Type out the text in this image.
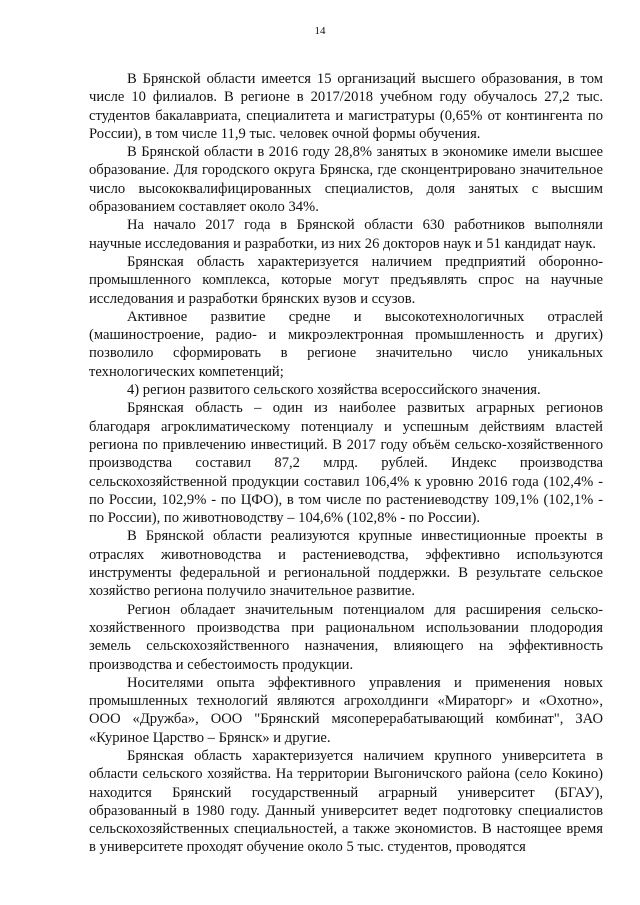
14

В Брянской области имеется 15 организаций высшего образования, в том числе 10 филиалов. В регионе в 2017/2018 учебном году обучалось 27,2 тыс. студентов бакалавриата, специалитета и магистратуры (0,65% от контингента по России), в том числе 11,9 тыс. человек очной формы обучения.

В Брянской области в 2016 году 28,8% занятых в экономике имели высшее образование. Для городского округа Брянска, где сконцентрировано значительное число высококвалифицированных специалистов, доля занятых с высшим образованием составляет около 34%.

На начало 2017 года в Брянской области 630 работников выполняли научные исследования и разработки, из них 26 докторов наук и 51 кандидат наук.

Брянская область характеризуется наличием предприятий оборонно-промышленного комплекса, которые могут предъявлять спрос на научные исследования и разработки брянских вузов и ссузов.

Активное развитие средне и высокотехнологичных отраслей (машиностроение, радио- и микроэлектронная промышленность и других) позволило сформировать в регионе значительно число уникальных технологических компетенций;

4) регион развитого сельского хозяйства всероссийского значения.

Брянская область – один из наиболее развитых аграрных регионов благодаря агроклиматическому потенциалу и успешным действиям властей региона по привлечению инвестиций. В 2017 году объём сельско-хозяйственного производства составил 87,2 млрд. рублей. Индекс производства сельскохозяйственной продукции составил 106,4% к уровню 2016 года (102,4% - по России, 102,9% - по ЦФО), в том числе по растениеводству 109,1% (102,1% - по России), по животноводству – 104,6% (102,8% - по России).

В Брянской области реализуются крупные инвестиционные проекты в отраслях животноводства и растениеводства, эффективно используются инструменты федеральной и региональной поддержки. В результате сельское хозяйство региона получило значительное развитие.

Регион обладает значительным потенциалом для расширения сельско-хозяйственного производства при рациональном использовании плодородия земель сельскохозяйственного назначения, влияющего на эффективность производства и себестоимость продукции.

Носителями опыта эффективного управления и применения новых промышленных технологий являются агрохолдинги «Мираторг» и «Охотно», ООО «Дружба», ООО "Брянский мясоперерабатывающий комбинат", ЗАО «Куриное Царство – Брянск» и другие.

Брянская область характеризуется наличием крупного университета в области сельского хозяйства. На территории Выгоничского района (село Кокино) находится Брянский государственный аграрный университет (БГАУ), образованный в 1980 году. Данный университет ведет подготовку специалистов сельскохозяйственных специальностей, а также экономистов. В настоящее время в университете проходят обучение около 5 тыс. студентов, проводятся
